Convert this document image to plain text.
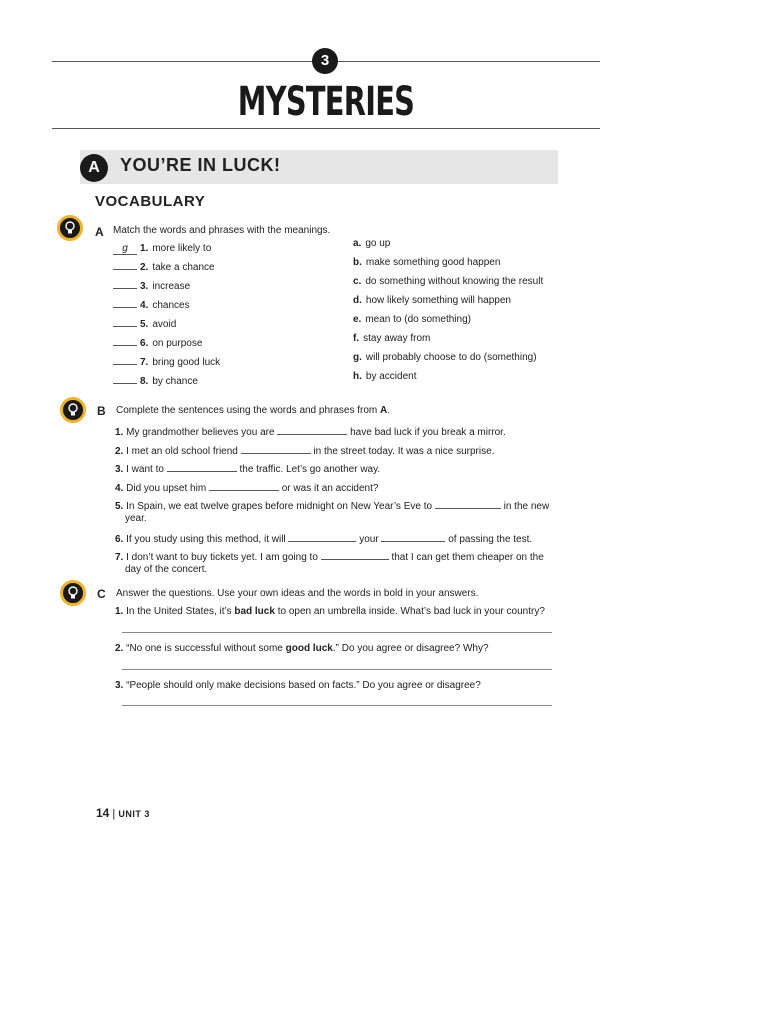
3
MYSTERIES
A	YOU’RE IN LUCK!
VOCABULARY
A Match the words and phrases with the meanings.
g 1. more likely to
2. take a chance
3. increase
4. chances
5. avoid
6. on purpose
7. bring good luck
8. by chance
a. go up
b. make something good happen
c. do something without knowing the result
d. how likely something will happen
e. mean to (do something)
f. stay away from
g. will probably choose to do (something)
h. by accident
B Complete the sentences using the words and phrases from A.
1. My grandmother believes you are	have bad luck if you break a mirror.
2. I met an old school friend	in the street today. It was a nice surprise.
3. I want to	the traffic. Let’s go another way.
4. Did you upset him	or was it an accident?
5. In Spain, we eat twelve grapes before midnight on New Year’s Eve to	in the new
year.
6. If you study using this method, it will	your	of passing the test.
7. I don’t want to buy tickets yet. I am going to	that I can get them cheaper on the
day of the concert.
C Answer the questions. Use your own ideas and the words in bold in your answers.
1. In the United States, it’s bad luck to open an umbrella inside. What’s bad luck in your country?
2. “No one is successful without some good luck.” Do you agree or disagree? Why?
3. “People should only make decisions based on facts.” Do you agree or disagree?
14 | UNIT 3
